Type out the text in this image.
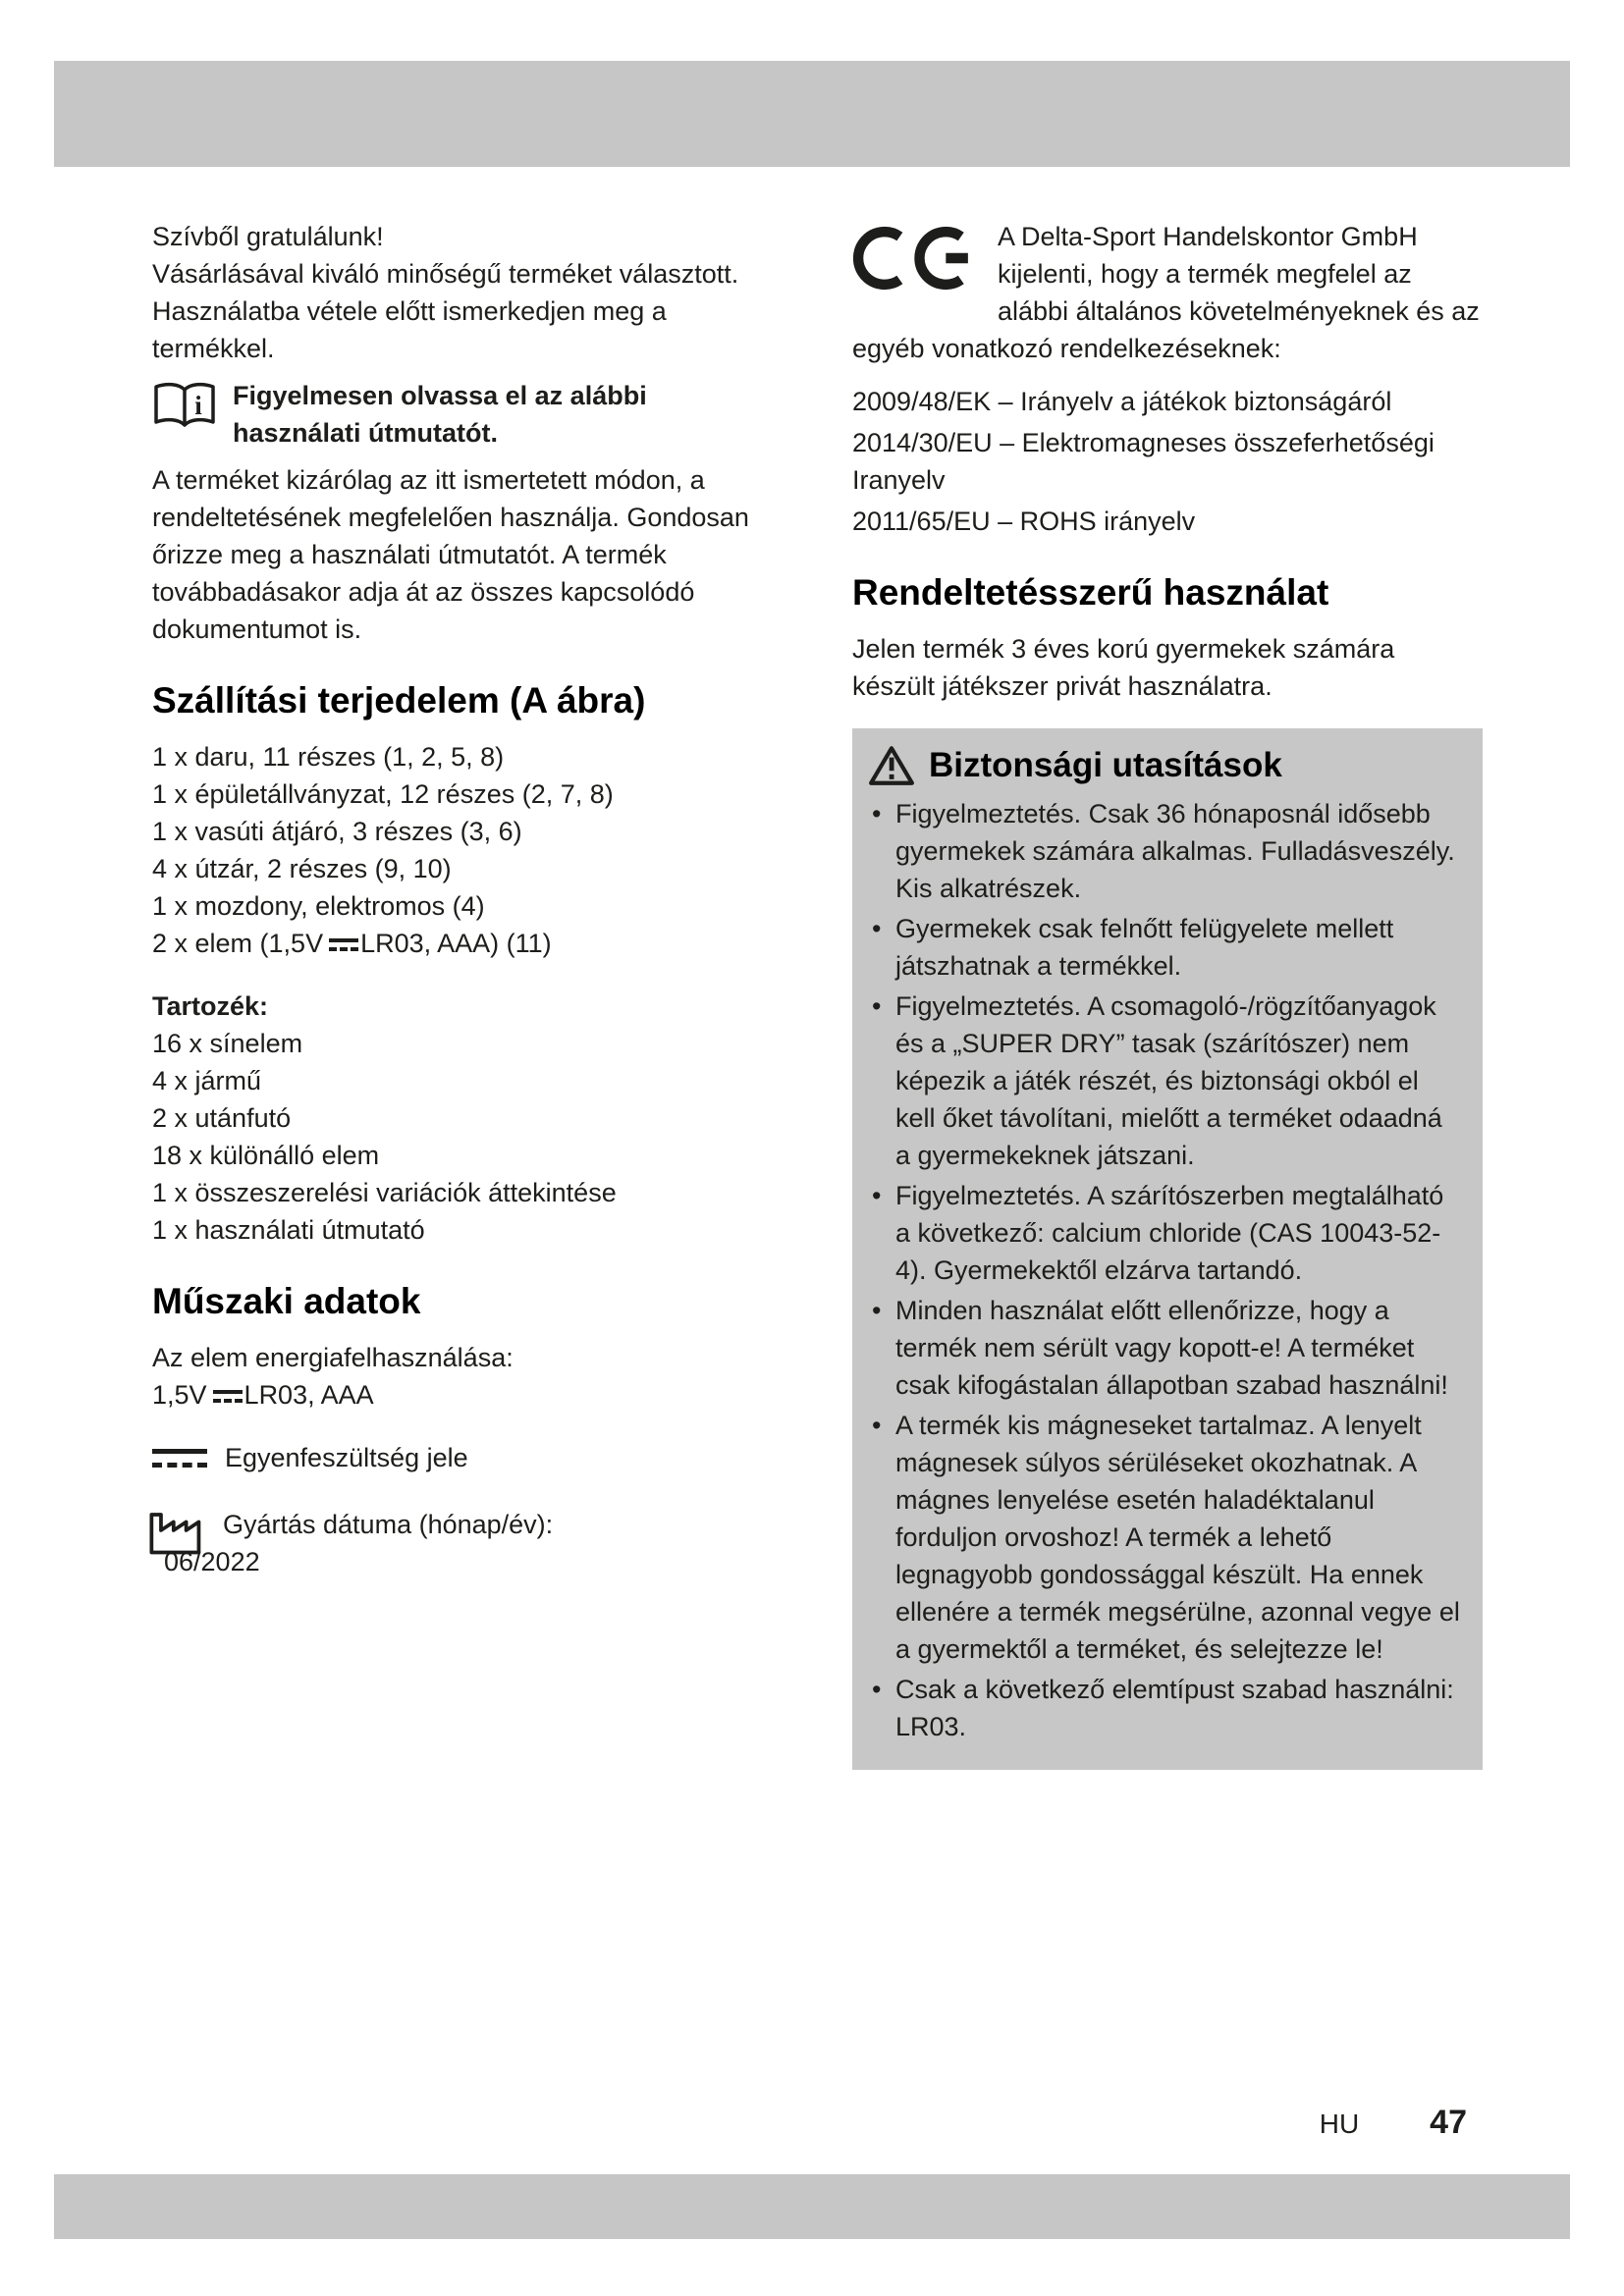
Szívből gratulálunk!

Vásárlásával kiváló minőségű terméket választott. Használatba vétele előtt ismerkedjen meg a termékkel.

i Figyelmesen olvassa el az alábbi használati útmutatót.

A terméket kizárólag az itt ismertetett módon, a rendeltetésének megfelelően használja. Gondosan őrizze meg a használati útmutatót. A termék továbbadásakor adja át az összes kapcsolódó dokumentumot is.

Szállítási terjedelem (A ábra)
1 x daru, 11 részes (1, 2, 5, 8)
1 x épületállványzat, 12 részes (2, 7, 8)
1 x vasúti átjáró, 3 részes (3, 6)
4 x útzár, 2 részes (9, 10)
1 x mozdony, elektromos (4)
2 x elem (1,5V LR03, AAA) (11)

Tartozék:

16 x sínelem
4 x jármű
2 x utánfutó
18 x különálló elem
1 x összeszerelési variációk áttekintése
1 x használati útmutató
Műszaki adatok
Az elem energiafelhasználása:
1,5V LR03, AAA
Egyenfeszültség jele
Gyártás dátuma (hónap/év):
06/2022
A Delta-Sport Handelskontor GmbH kijelenti, hogy a termék megfelel az alábbi általános követelményeknek és az egyéb vonatkozó rendelkezéseknek:
2009/48/EK – Irányelv a játékok biztonságáról
2014/30/EU – Elektromagneses összeferhetőségi Iranyelv
2011/65/EU – ROHS irányelv
Rendeltetésszerű használat

Jelen termék 3 éves korú gyermekek számára készült játékszer privát használatra.

Biztonsági utasítások
• Figyelmeztetés. Csak 36 hónaposnál idősebb gyermekek számára alkalmas. Fulladásveszély. Kis alkatrészek.
• Gyermekek csak felnőtt felügyelete mellett játszhatnak a termékkel.
• Figyelmeztetés. A csomagoló-/rögzítőanyagok és a „SUPER DRY” tasak (szárítószer) nem képezik a játék részét, és biztonsági okból el kell őket távolítani, mielőtt a terméket odaadná a gyermekeknek játszani.
• Figyelmeztetés. A szárítószerben megtalálható a következő: calcium chloride (CAS 10043-52-4). Gyermekektől elzárva tartandó.
• Minden használat előtt ellenőrizze, hogy a termék nem sérült vagy kopott-e! A terméket csak kifogástalan állapotban szabad használni!
• A termék kis mágneseket tartalmaz. A lenyelt mágnesek súlyos sérüléseket okozhatnak. A mágnes lenyelése esetén haladéktalanul forduljon orvoshoz! A termék a lehető legnagyobb gondossággal készült. Ha ennek ellenére a termék megsérülne, azonnal vegye el a gyermektől a terméket, és selejtezze le!
• Csak a következő elemtípust szabad használni: LR03.
HU 47
